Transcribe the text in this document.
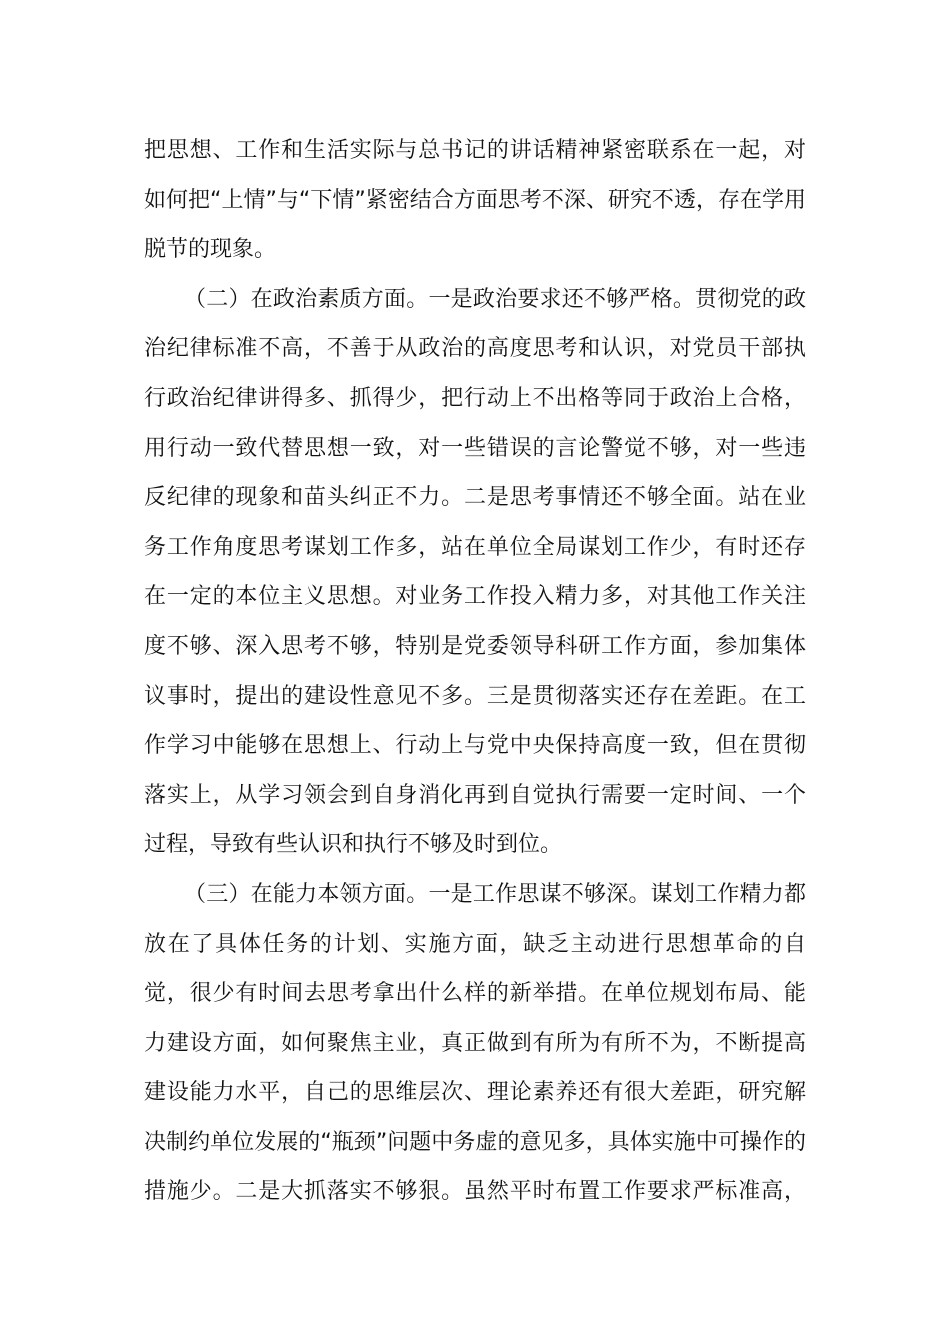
把思想、工作和生活实际与总书记的讲话精神紧密联系在一起，对
如何把“上情”与“下情”紧密结合方面思考不深、研究不透，存在学用
脱节的现象。
（二）在政治素质方面。一是政治要求还不够严格。贯彻党的政
治纪律标准不高，不善于从政治的高度思考和认识，对党员干部执
行政治纪律讲得多、抓得少，把行动上不出格等同于政治上合格，
用行动一致代替思想一致，对一些错误的言论警觉不够，对一些违
反纪律的现象和苗头纠正不力。二是思考事情还不够全面。站在业
务工作角度思考谋划工作多，站在单位全局谋划工作少，有时还存
在一定的本位主义思想。对业务工作投入精力多，对其他工作关注
度不够、深入思考不够，特别是党委领导科研工作方面，参加集体
议事时，提出的建设性意见不多。三是贯彻落实还存在差距。在工
作学习中能够在思想上、行动上与党中央保持高度一致，但在贯彻
落实上，从学习领会到自身消化再到自觉执行需要一定时间、一个
过程，导致有些认识和执行不够及时到位。
（三）在能力本领方面。一是工作思谋不够深。谋划工作精力都
放在了具体任务的计划、实施方面，缺乏主动进行思想革命的自
觉，很少有时间去思考拿出什么样的新举措。在单位规划布局、能
力建设方面，如何聚焦主业，真正做到有所为有所不为，不断提高
建设能力水平，自己的思维层次、理论素养还有很大差距，研究解
决制约单位发展的“瓶颈”问题中务虚的意见多，具体实施中可操作的
措施少。二是大抓落实不够狠。虽然平时布置工作要求严标准高，
